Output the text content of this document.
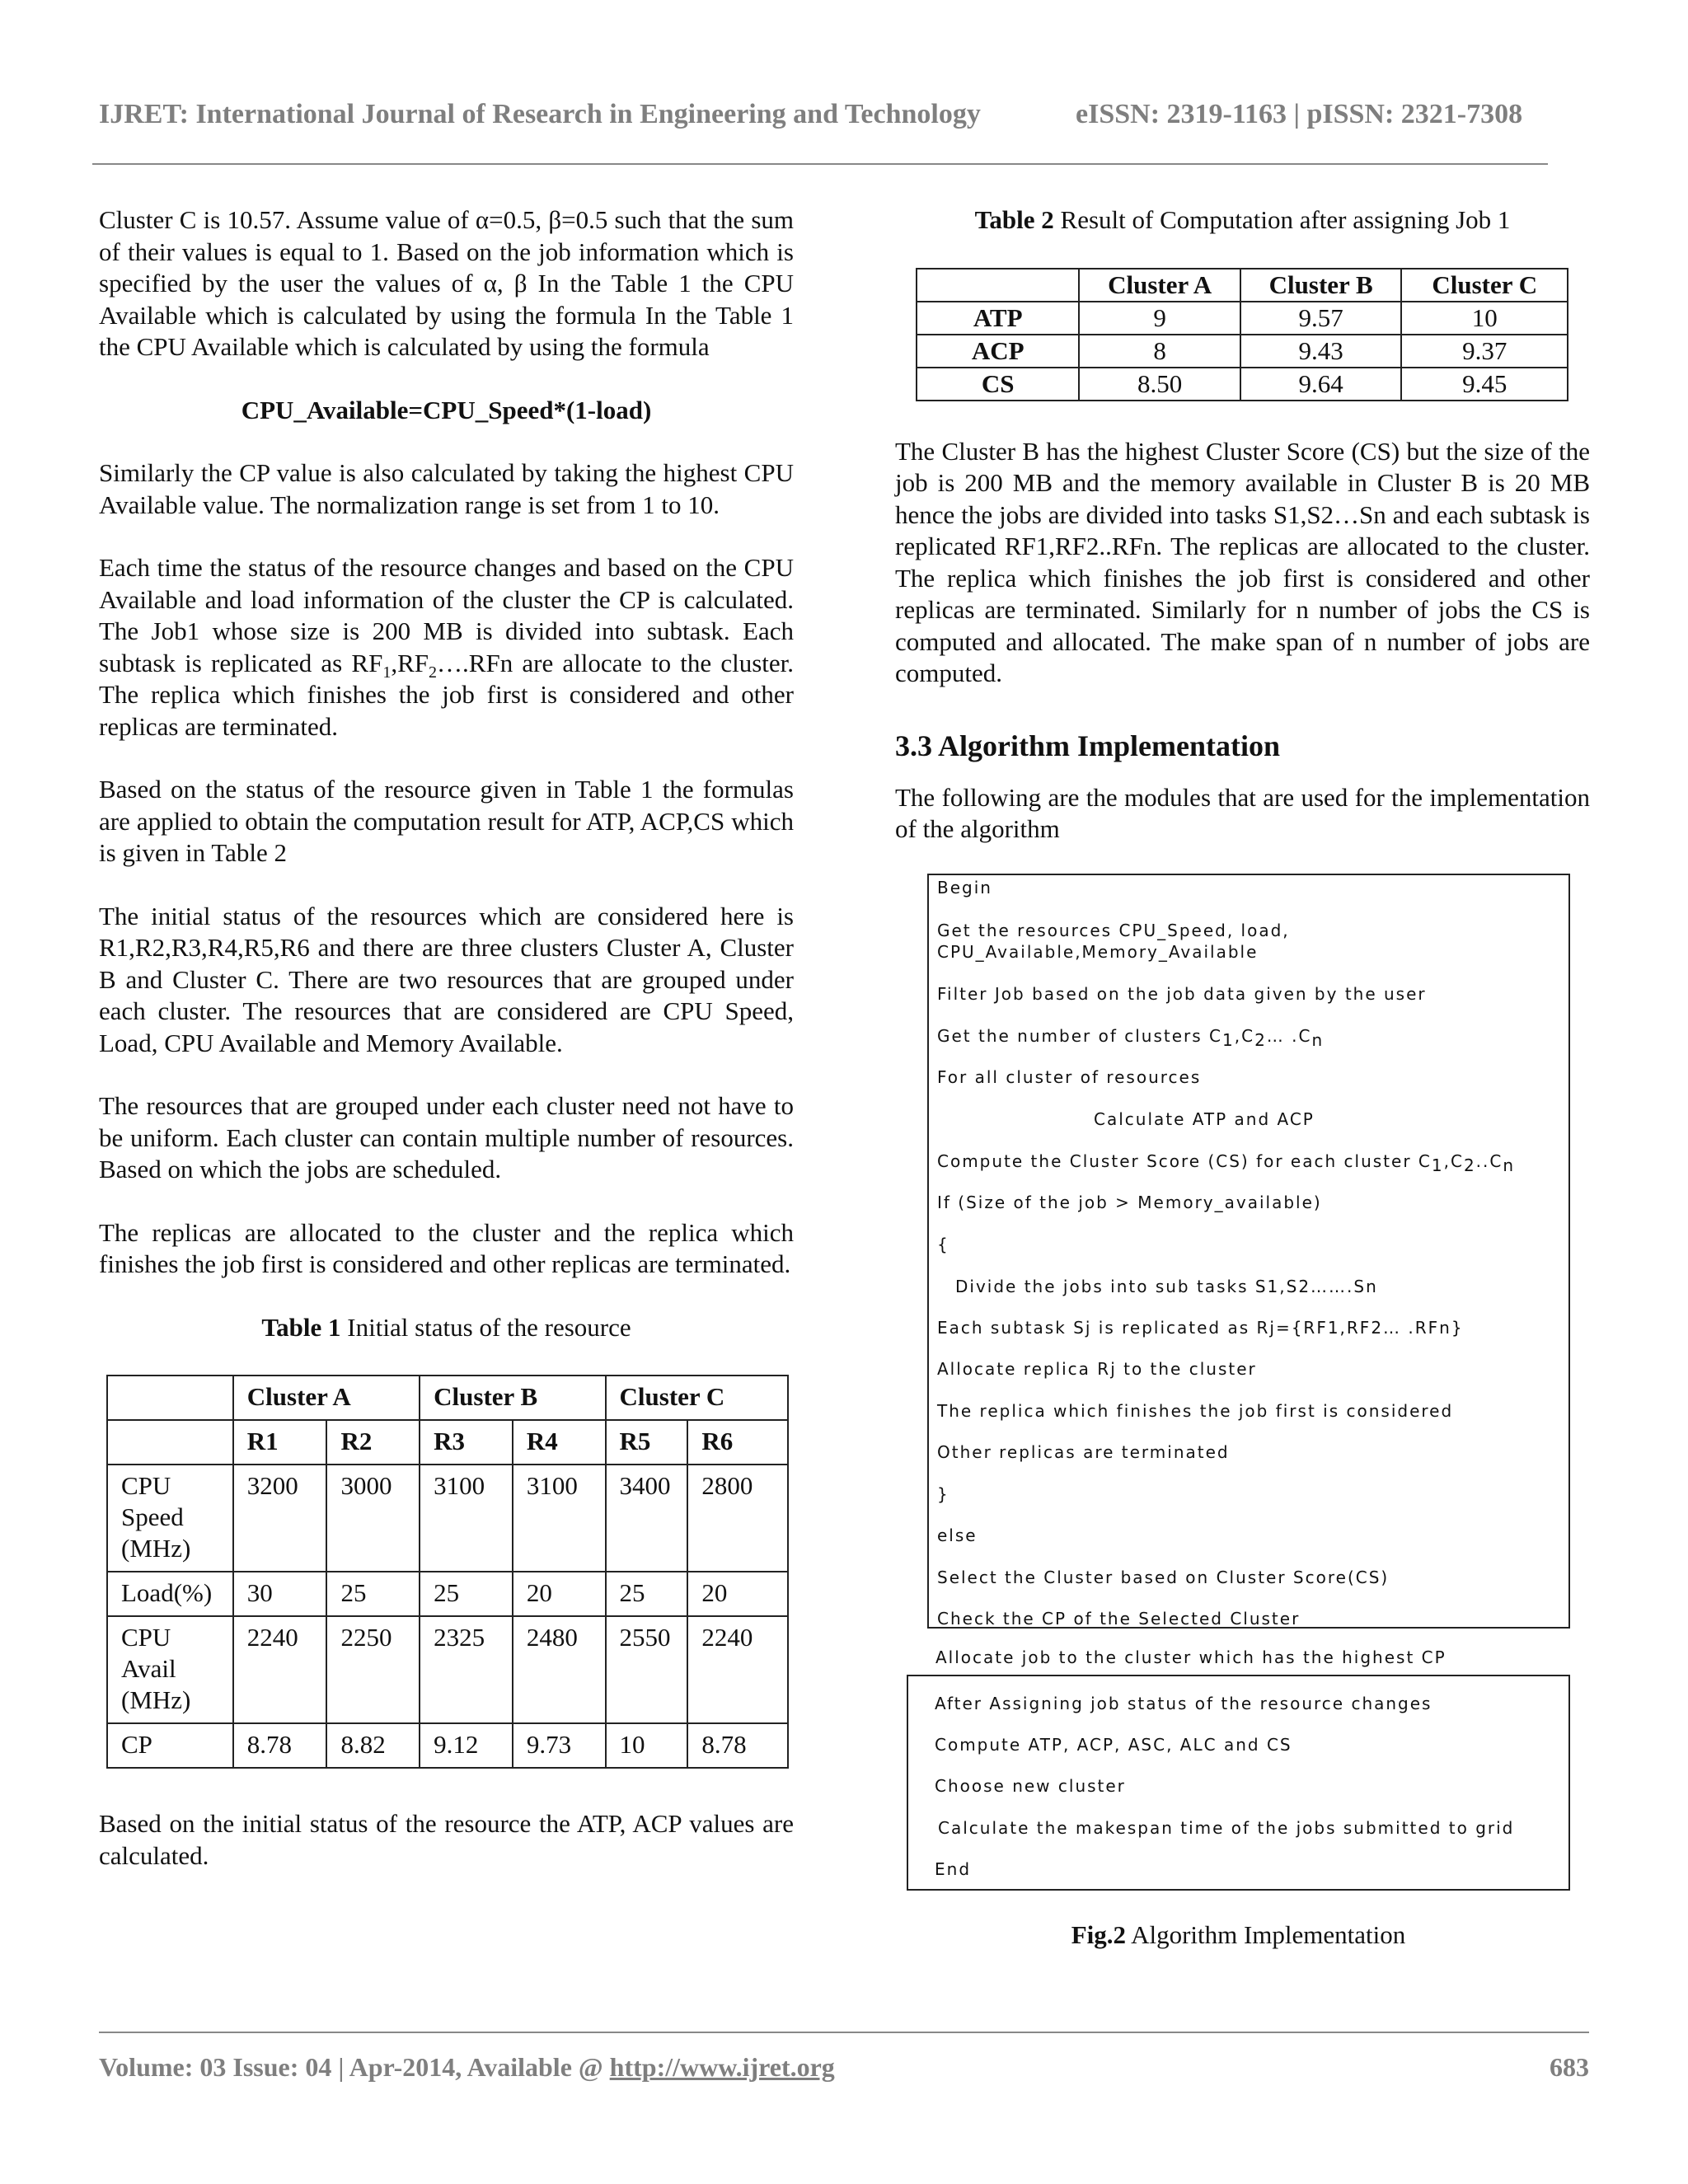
IJRET: International Journal of Research in Engineering and Technology	eISSN: 2319-1163 | pISSN: 2321-7308

Cluster C is 10.57. Assume value of α=0.5, β=0.5 such that the sum of their values is equal to 1. Based on the job information which is specified by the user the values of α, β In the Table 1 the CPU Available which is calculated by using the formula In the Table 1 the CPU Available which is calculated by using the formula

CPU_Available=CPU_Speed*(1-load)

Similarly the CP value is also calculated by taking the highest CPU Available value. The normalization range is set from 1 to 10.

Each time the status of the resource changes and based on the CPU Available and load information of the cluster the CP is calculated. The Job1 whose size is 200 MB is divided into subtask. Each subtask is replicated as $RF_1,RF_2\dots.RFn$ are allocate to the cluster. The replica which finishes the job first is considered and other replicas are terminated.

Based on the status of the resource given in Table 1 the formulas are applied to obtain the computation result for ATP, ACP,CS which is given in Table 2

The initial status of the resources which are considered here is R1,R2,R3,R4,R5,R6 and there are three clusters Cluster A, Cluster B and Cluster C. There are two resources that are grouped under each cluster. The resources that are considered are CPU Speed, Load, CPU Available and Memory Available.

The resources that are grouped under each cluster need not have to be uniform. Each cluster can contain multiple number of resources. Based on which the jobs are scheduled.

The replicas are allocated to the cluster and the replica which finishes the job first is considered and other replicas are terminated.

Table 1 Initial status of the resource

	Cluster A		Cluster B		Cluster C	
	R1	R2	R3	R4	R5	R6
CPU Speed (MHz)	3200	3000	3100	3100	3400	2800
Load(%)	30	25	25	20	25	20
CPU Avail (MHz)	2240	2250	2325	2480	2550	2240
CP	8.78	8.82	9.12	9.73	10	8.78

Based on the initial status of the resource the ATP, ACP values are calculated.

Table 2 Result of Computation after assigning Job 1

	Cluster A	Cluster B	Cluster C
ATP	9	9.57	10
ACP	8	9.43	9.37
CS	8.50	9.64	9.45

The Cluster B has the highest Cluster Score (CS) but the size of the job is 200 MB and the memory available in Cluster B is 20 MB hence the jobs are divided into tasks S1,S2…Sn and each subtask is replicated RF1,RF2..RFn. The replicas are allocated to the cluster. The replica which finishes the job first is considered and other replicas are terminated. Similarly for n number of jobs the CS is computed and allocated. The make span of n number of jobs are computed.

3.3 Algorithm Implementation

The following are the modules that are used for the implementation of the algorithm

Begin
Get the resources CPU_Speed, load,
CPU_Available,Memory_Available
Filter Job based on the job data given by the user
Get the number of clusters $C_1,C_2\dots$ $.C_n$
For all cluster of resources
Calculate ATP and ACP
Compute the Cluster Score (CS) for each cluster $C_1,C_2..C_n$
If (Size of the job > Memory_available)
{
Divide the jobs into sub tasks S1,S2…….Sn
Each subtask Sj is replicated as Rj={RF1,RF2… .RFn}
Allocate replica Rj to the cluster
The replica which finishes the job first is considered
Other replicas are terminated
}
else
Select the Cluster based on Cluster Score(CS)
Check the CP of the Selected Cluster
Allocate job to the cluster which has the highest CP
After Assigning job status of the resource changes
Compute ATP, ACP, ASC, ALC and CS
Choose new cluster
Calculate the makespan time of the jobs submitted to grid
End
Fig.2 Algorithm Implementation
Volume: 03 Issue: 04 | Apr-2014, Available @ http://www.ijret.org	683
